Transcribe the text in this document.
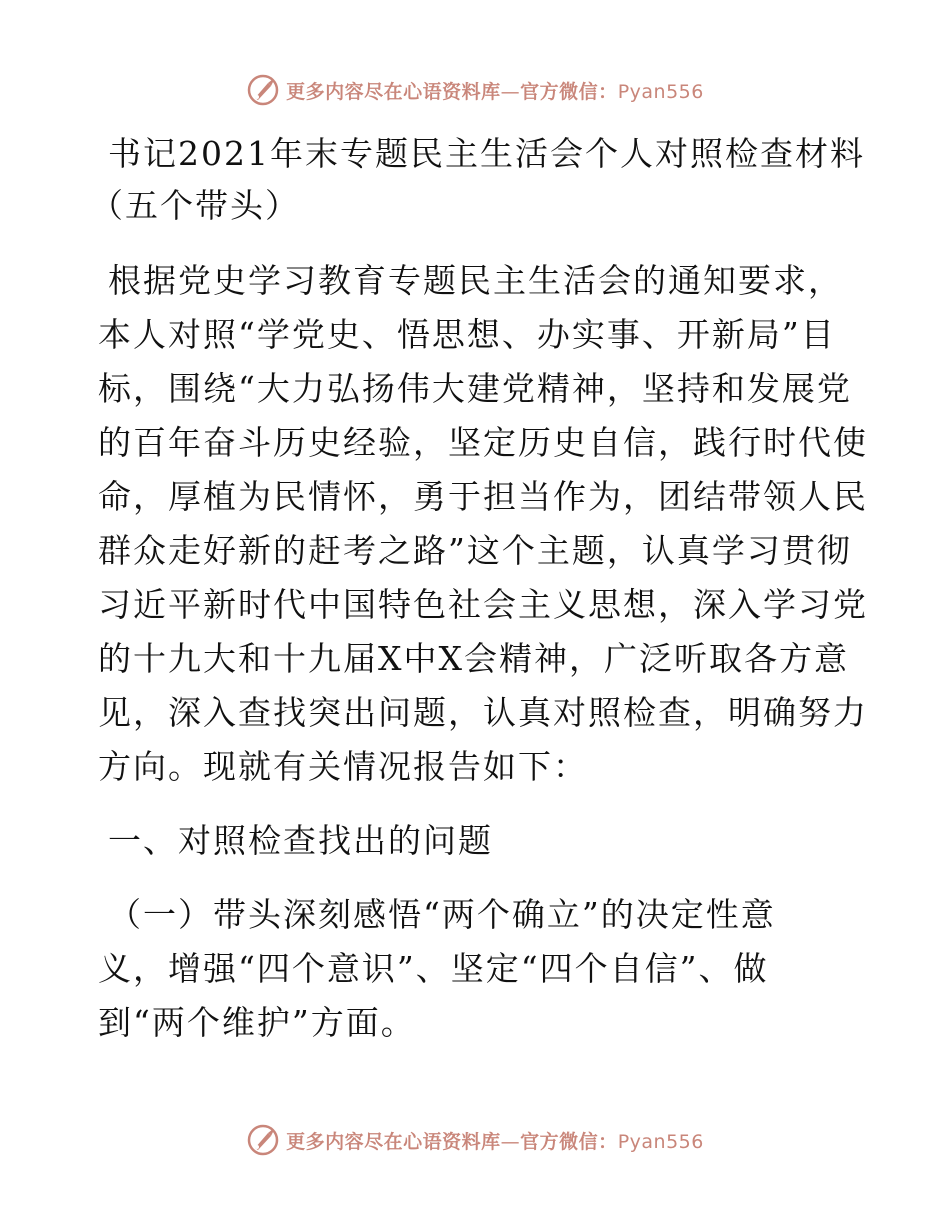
更多内容尽在心语资料库—官方微信：Pyan556
书记2021年末专题民主生活会个人对照检查材料
（五个带头）
根据党史学习教育专题民主生活会的通知要求，
本人对照“学党史、悟思想、办实事、开新局”目
标，围绕“大力弘扬伟大建党精神，坚持和发展党
的百年奋斗历史经验，坚定历史自信，践行时代使
命，厚植为民情怀，勇于担当作为，团结带领人民
群众走好新的赶考之路”这个主题，认真学习贯彻
习近平新时代中国特色社会主义思想，深入学习党
的十九大和十九届X中X会精神，广泛听取各方意
见，深入查找突出问题，认真对照检查，明确努力
方向。现就有关情况报告如下：
一、对照检查找出的问题
（一）带头深刻感悟“两个确立”的决定性意
义，增强“四个意识”、坚定“四个自信”、做
到“两个维护”方面。
更多内容尽在心语资料库—官方微信：Pyan556
